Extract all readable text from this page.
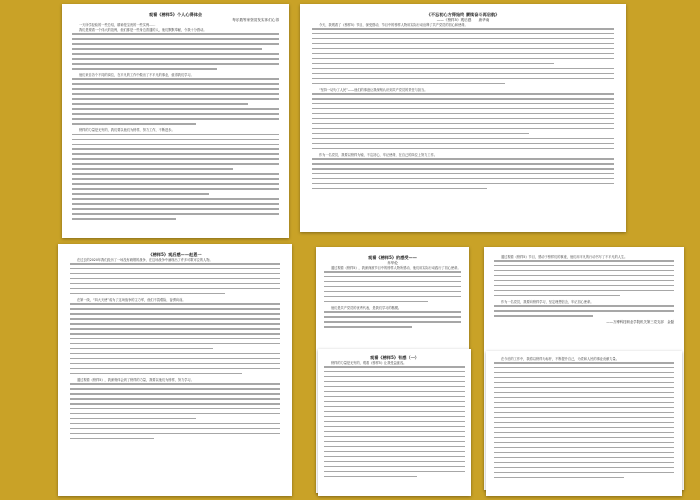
观看《榜样5》个人心得体会
每乐数等家资赏发实体们心得

一天所学经验的一些总结，精神是宝贵的一些实例……

我们是观看一个伟大的范例，他们都是一些身边普通的人，他们默默奉献，令我十分感动。

他们来自各个不同的岗位，在平凡的工作中做出了不平凡的事业，值得我们学习。

榜样的力量是无穷的，我们要以他们为榜样，努力工作，不断进步。

《不忘初心方得始终 赓续奋斗再启航》
——《榜样5》观后感　　唐华南

今天，我观看了《榜样5》节目，深受感动，节目中的榜样人物用实际行动诠释了共产党员的初心和使命。

“坚持一切为了人民”——他们的事迹让我深刻认识到共产党员的责任与担当。

作为一名党员，我要以榜样为镜，不忘初心，牢记使命，在自己的岗位上努力工作。

《榜样5》观后感——赵恩一

在过去的2020年我们经历了一场没有硝烟的战争，在这场战争中涌现出了许多可歌可泣的人物。

在第一线，“四大天使”成为了这场战争的主力军，他们不畏艰险，奋勇向前。

通过观看《榜样5》，我深刻体会到了榜样的力量，我要以他们为榜样，努力学习。

观看《榜样5》的感受——
乔华伦

通过观看《榜样5》，我深深被节目中的榜样人物所感动，他们用实际行动践行了初心使命。

他们是共产党员的优秀代表，是我们学习的楷模。

通过观看《榜样5》节目，感动于榜样们的事迹，他们用平凡的行动书写了不平凡的人生。

作为一名党员，我要向榜样学习，坚定理想信念，牢记初心使命。

——万博科技职业学院机关第三党支部　金磊
观看《榜样5》有感（一）

榜样的力量是无穷的，观看《榜样5》让我受益匪浅。

在今后的工作中，我将以榜样为标杆，不断提升自己，为党和人民的事业贡献力量。
